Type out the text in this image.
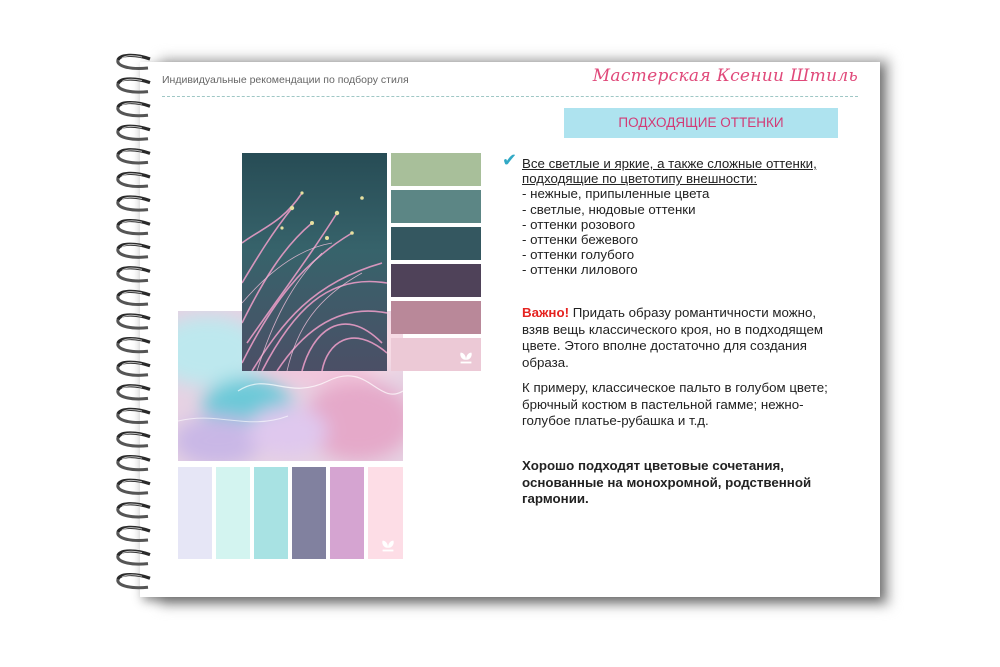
Индивидуальные рекомендации по подбору стиля	Мастерская Ксении Штиль
ПОДХОДЯЩИЕ ОТТЕНКИ
✔ Все светлые и яркие, а также сложные оттенки, подходящие по цветотипу внешности:
- нежные, припыленные цвета
- светлые, нюдовые оттенки
- оттенки розового
- оттенки бежевого
- оттенки голубого
- оттенки лилового
Важно! Придать образу романтичности можно, взяв вещь классического кроя, но в подходящем цвете. Этого вполне достаточно для создания образа.
К примеру, классическое пальто в голубом цвете; брючный костюм в пастельной гамме; нежно-голубое платье-рубашка и т.д.
Хорошо подходят цветовые сочетания, основанные на монохромной, родственной гармонии.
